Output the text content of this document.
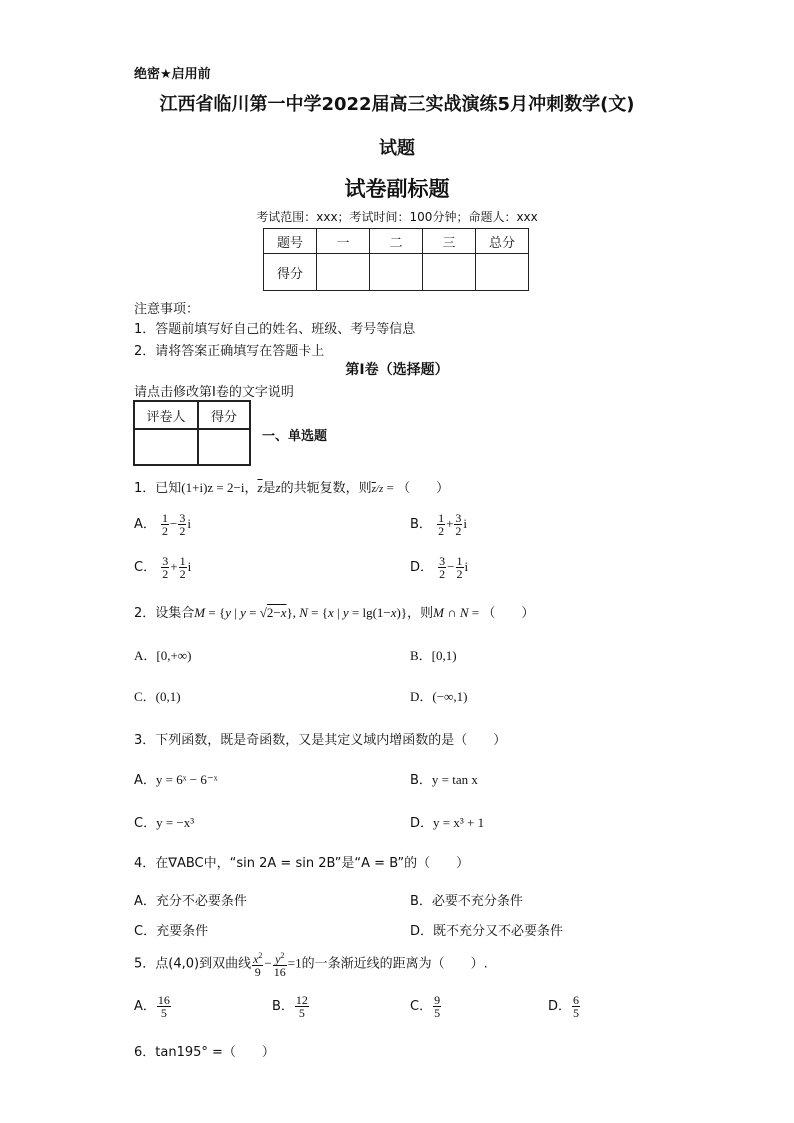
绝密★启用前
江西省临川第一中学2022届高三实战演练5月冲刺数学(文)
试题
试卷副标题
考试范围：xxx；考试时间：100分钟；命题人：xxx
题号	一	二	三	总分
得分				
注意事项：
1．答题前填写好自己的姓名、班级、考号等信息
2．请将答案正确填写在答题卡上
第I卷（选择题）
请点击修改第I卷的文字说明
评卷人	得分

一、单选题
1．已知(1+i)z = 2−i，$\overline{z}$是z的共轭复数，则$\overline{z}/z$ = （　　）
A． $\frac{1}{2} - \frac{3}{2}$ i	B． $\frac{1}{2} + \frac{3}{2}$ i
C． $\frac{3}{2} + \frac{1}{2}$ i	D． $\frac{3}{2} - \frac{1}{2}$ i
2．设集合M = {y | y = √2−x}, N = {x | y = lg(1−x)}，则M ∩ N = （　　）
A．[0,+∞)	B．[0,1)
C．(0,1)	D．(−∞,1)
3．下列函数，既是奇函数，又是其定义域内增函数的是（　　）
A．y = 6ˣ − 6⁻ˣ	B．y = tan x
C．y = −x³	D．y = x³ + 1
4．在∇ABC中，“sin 2A = sin 2B”是“A = B”的（　　）
A．充分不必要条件	B．必要不充分条件
C．充要条件	D．既不充分又不必要条件
5．点(4,0)到双曲线 $\frac{x^2}{9} - \frac{y^2}{16} =1$的一条渐近线的距离为（　　）.
A． $\frac{16}{5}$	B． $\frac{12}{5}$	C． $\frac{9}{5}$	D． $\frac{6}{5}$
6．tan195° =（　　）
